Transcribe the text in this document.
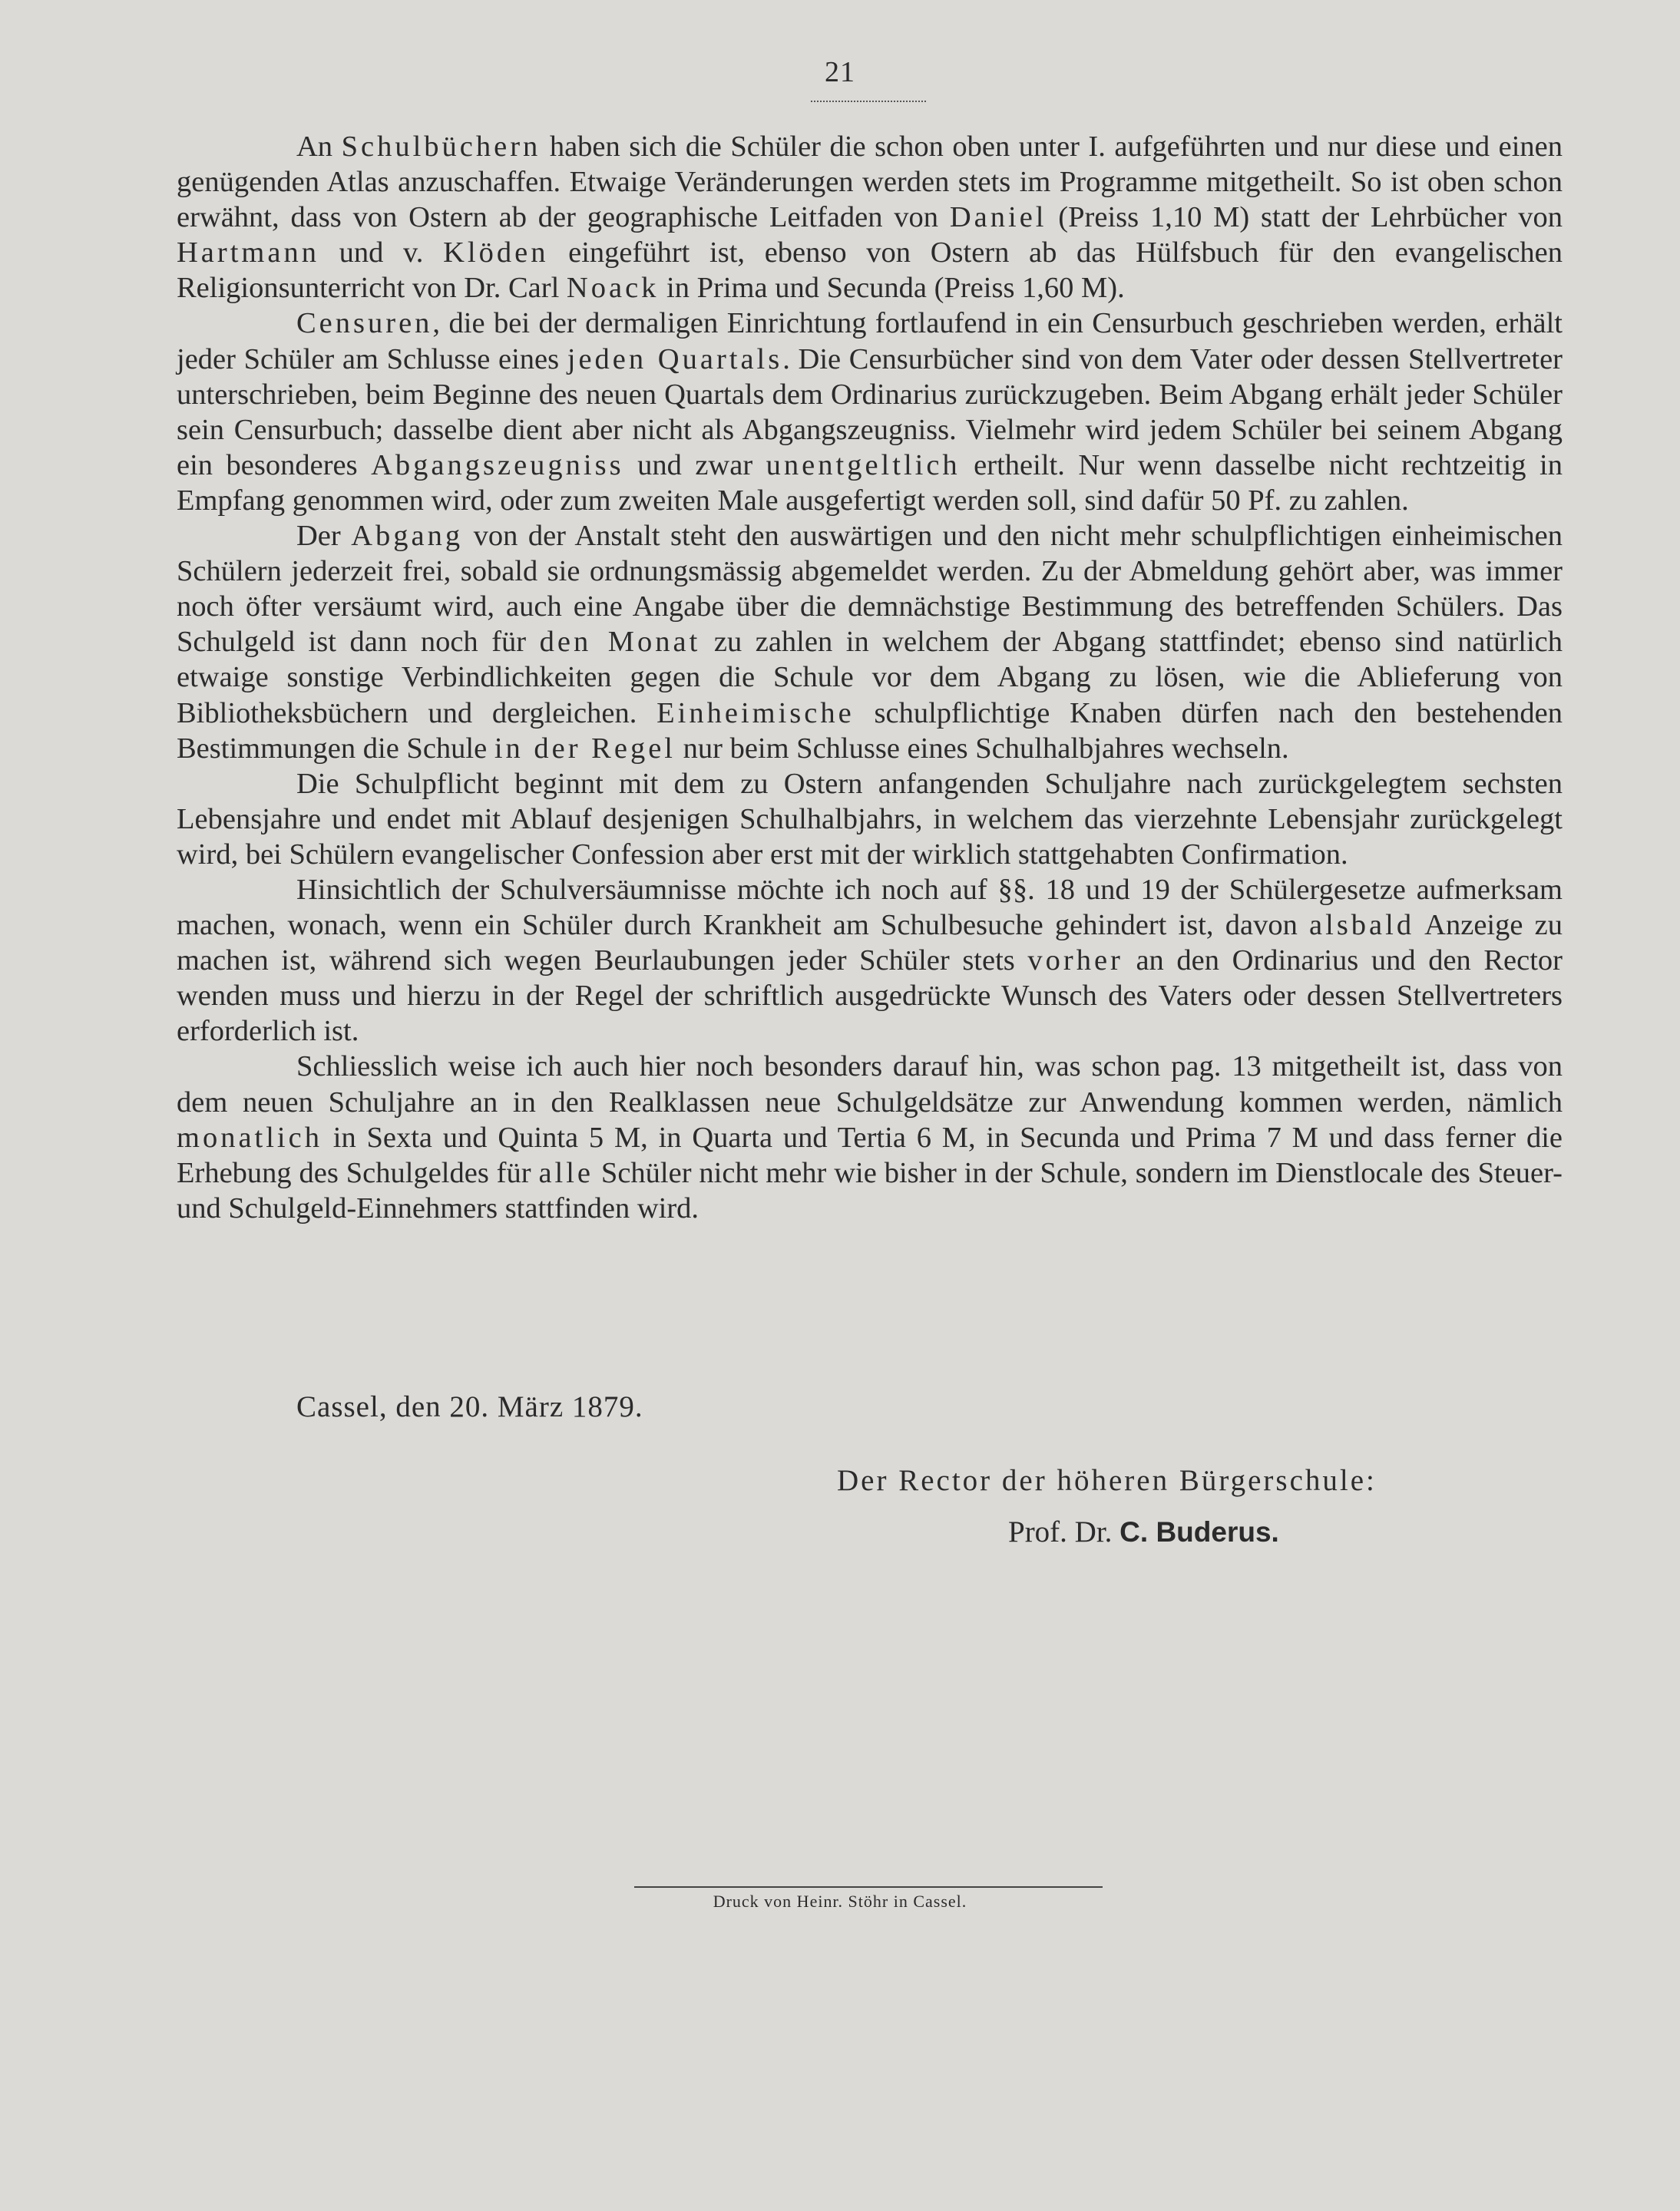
21

An Schulbüchern haben sich die Schüler die schon oben unter I. aufgeführten und nur diese und einen genügenden Atlas anzuschaffen. Etwaige Veränderungen werden stets im Programme mitgetheilt. So ist oben schon erwähnt, dass von Ostern ab der geographische Leitfaden von Daniel (Preiss 1,10 M) statt der Lehrbücher von Hartmann und v. Klöden eingeführt ist, ebenso von Ostern ab das Hülfsbuch für den evangelischen Religionsunterricht von Dr. Carl Noack in Prima und Secunda (Preiss 1,60 M).

Censuren, die bei der dermaligen Einrichtung fortlaufend in ein Censurbuch geschrieben werden, erhält jeder Schüler am Schlusse eines jeden Quartals. Die Censurbücher sind von dem Vater oder dessen Stellvertreter unterschrieben, beim Beginne des neuen Quartals dem Ordinarius zurückzugeben. Beim Abgang erhält jeder Schüler sein Censurbuch; dasselbe dient aber nicht als Abgangszeugniss. Vielmehr wird jedem Schüler bei seinem Abgang ein besonderes Abgangszeugniss und zwar unentgeltlich ertheilt. Nur wenn dasselbe nicht rechtzeitig in Empfang genommen wird, oder zum zweiten Male ausgefertigt werden soll, sind dafür 50 Pf. zu zahlen.

Der Abgang von der Anstalt steht den auswärtigen und den nicht mehr schulpflichtigen einheimischen Schülern jederzeit frei, sobald sie ordnungsmässig abgemeldet werden. Zu der Abmeldung gehört aber, was immer noch öfter versäumt wird, auch eine Angabe über die demnächstige Bestimmung des betreffenden Schülers. Das Schulgeld ist dann noch für den Monat zu zahlen in welchem der Abgang stattfindet; ebenso sind natürlich etwaige sonstige Verbindlichkeiten gegen die Schule vor dem Abgang zu lösen, wie die Ablieferung von Bibliotheksbüchern und dergleichen. Einheimische schulpflichtige Knaben dürfen nach den bestehenden Bestimmungen die Schule in der Regel nur beim Schlusse eines Schulhalbjahres wechseln.

Die Schulpflicht beginnt mit dem zu Ostern anfangenden Schuljahre nach zurückgelegtem sechsten Lebensjahre und endet mit Ablauf desjenigen Schulhalbjahrs, in welchem das vierzehnte Lebensjahr zurückgelegt wird, bei Schülern evangelischer Confession aber erst mit der wirklich stattgehabten Confirmation.

Hinsichtlich der Schulversäumnisse möchte ich noch auf §§. 18 und 19 der Schülergesetze aufmerksam machen, wonach, wenn ein Schüler durch Krankheit am Schulbesuche gehindert ist, davon alsbald Anzeige zu machen ist, während sich wegen Beurlaubungen jeder Schüler stets vorher an den Ordinarius und den Rector wenden muss und hierzu in der Regel der schriftlich ausgedrückte Wunsch des Vaters oder dessen Stellvertreters erforderlich ist.

Schliesslich weise ich auch hier noch besonders darauf hin, was schon pag. 13 mitgetheilt ist, dass von dem neuen Schuljahre an in den Realklassen neue Schulgeldsätze zur Anwendung kommen werden, nämlich monatlich in Sexta und Quinta 5 M, in Quarta und Tertia 6 M, in Secunda und Prima 7 M und dass ferner die Erhebung des Schulgeldes für alle Schüler nicht mehr wie bisher in der Schule, sondern im Dienstlocale des Steuer- und Schulgeld-Einnehmers stattfinden wird.

Cassel, den 20. März 1879.
Der Rector der höheren Bürgerschule:
Prof. Dr. C. Buderus.
Druck von Heinr. Stöhr in Cassel.
